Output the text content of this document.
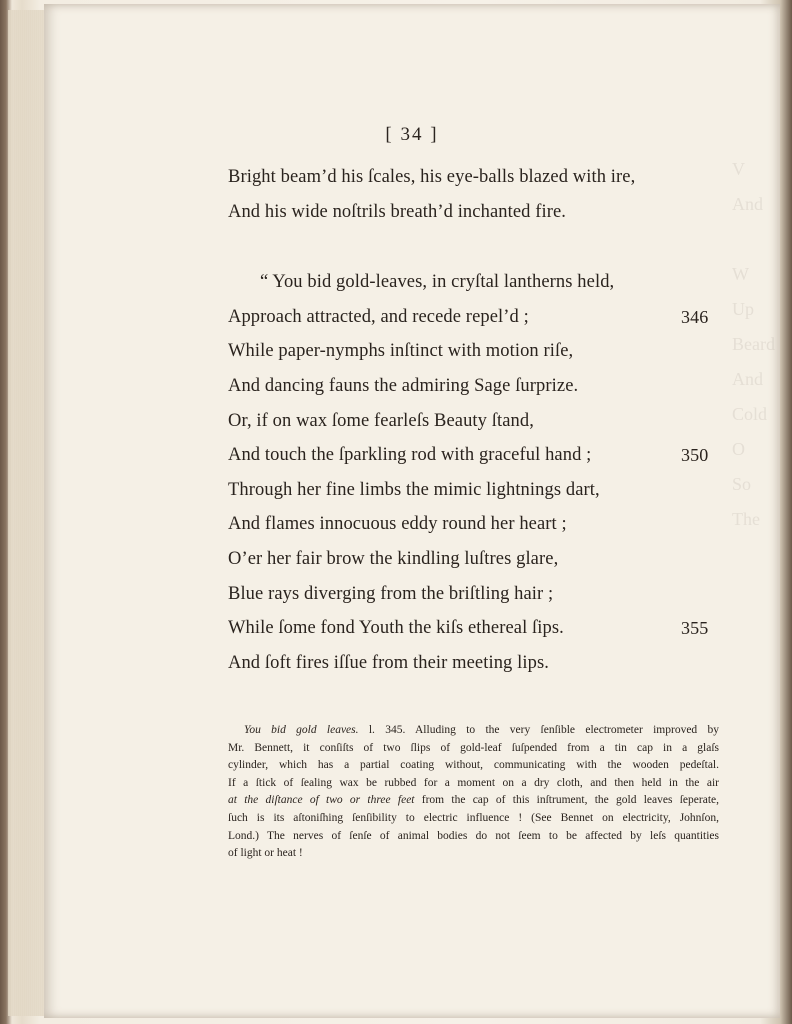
[ 34 ]
Bright beam’d his ſcales, his eye-balls blazed with ire,
And his wide noſtrils breath’d inchanted fire.
“ You bid gold-leaves, in cryſtal lantherns held,
Approach attracted, and recede repel’d ;	346
While paper-nymphs inſtinct with motion riſe,
And dancing fauns the admiring Sage ſurprize.
Or, if on wax ſome fearleſs Beauty ſtand,
And touch the ſparkling rod with graceful hand ;	350
Through her fine limbs the mimic lightnings dart,
And flames innocuous eddy round her heart ;
O’er her fair brow the kindling luſtres glare,
Blue rays diverging from the briſtling hair ;
While ſome fond Youth the kiſs ethereal ſips.	355
And ſoft fires iſſue from their meeting lips.
You bid gold leaves. l. 345. Alluding to the very ſenſible electrometer improved by
Mr. Bennett, it conſiſts of two ſlips of gold-leaf ſuſpended from a tin cap in a glaſs
cylinder, which has a partial coating without, communicating with the wooden pedeſtal.
If a ſtick of ſealing wax be rubbed for a moment on a dry cloth, and then held in the air
at the diſtance of two or three feet from the cap of this inſtrument, the gold leaves ſeperate,
ſuch is its aſtoniſhing ſenſibility to electric influence ! (See Bennet on electricity, Johnſon,
Lond.) The nerves of ſenſe of animal bodies do not ſeem to be affected by leſs quantities
of light or heat !
V
And

W
Up
Beard
And
Cold
O
So
The
